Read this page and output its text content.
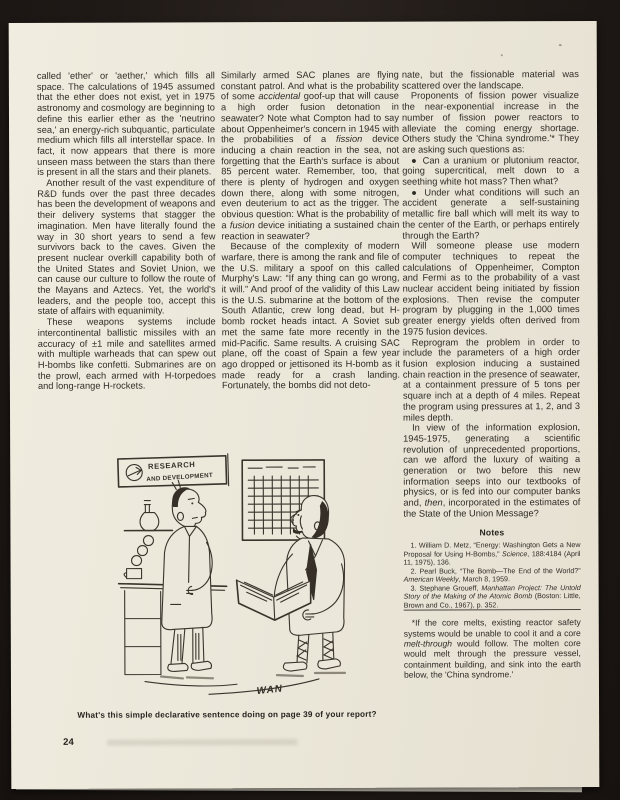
called 'ether' or 'aether,' which fills all space. The calculations of 1945 assumed that the ether does not exist, yet in 1975 astronomy and cosmology are beginning to define this earlier ether as the 'neutrino sea,' an energy-rich subquantic, particulate medium which fills all interstellar space. In fact, it now appears that there is more unseen mass between the stars than there is present in all the stars and their planets.

Another result of the vast expenditure of R&D funds over the past three decades has been the development of weapons and their delivery systems that stagger the imagination. Men have literally found the way in 30 short years to send a few survivors back to the caves. Given the present nuclear overkill capability both of the United States and Soviet Union, we can cause our culture to follow the route of the Mayans and Aztecs. Yet, the world's leaders, and the people too, accept this state of affairs with equanimity.

These weapons systems include intercontinental ballistic missiles with an accuracy of ±1 mile and satellites armed with multiple warheads that can spew out H-bombs like confetti. Submarines are on the prowl, each armed with H-torpedoes and long-range H-rockets.

Similarly armed SAC planes are flying constant patrol. And what is the probability of some accidental goof-up that will cause a high order fusion detonation in seawater? Note what Compton had to say about Oppenheimer's concern in 1945 with the probabilities of a fission device inducing a chain reaction in the sea, not forgetting that the Earth's surface is about 85 percent water. Remember, too, that there is plenty of hydrogen and oxygen down there, along with some nitrogen, even deuterium to act as the trigger. The obvious question: What is the probability of a fusion device initiating a sustained chain reaction in seawater?

Because of the complexity of modern warfare, there is among the rank and file of the U.S. military a spoof on this called Murphy's Law: “If any thing can go wrong, it will.” And proof of the validity of this Law is the U.S. submarine at the bottom of the South Atlantic, crew long dead, but H-bomb rocket heads intact. A Soviet sub met the same fate more recently in the mid-Pacific. Same results. A cruising SAC plane, off the coast of Spain a few year ago dropped or jettisoned its H-bomb as it made ready for a crash landing. Fortunately, the bombs did not deto-

nate, but the fissionable material was scattered over the landscape.

Proponents of fission power visualize the near-exponential increase in the number of fission power reactors to alleviate the coming energy shortage. Others study the 'China syndrome.'* They are asking such questions as:

● Can a uranium or plutonium reactor, going supercritical, melt down to a seething white hot mass? Then what?

● Under what conditions will such an accident generate a self-sustaining metallic fire ball which will melt its way to the center of the Earth, or perhaps entirely through the Earth?

Will someone please use modern computer techniques to repeat the calculations of Oppenheimer, Compton and Fermi as to the probability of a vast nuclear accident being initiated by fission explosions. Then revise the computer program by plugging in the 1,000 times greater energy yields often derived from 1975 fusion devices.

Reprogram the problem in order to include the parameters of a high order fusion explosion inducing a sustained chain reaction in the presence of seawater, at a containment pressure of 5 tons per square inch at a depth of 4 miles. Repeat the program using pressures at 1, 2, and 3 miles depth.

In view of the information explosion, 1945-1975, generating a scientific revolution of unprecedented proportions, can we afford the luxury of waiting a generation or two before this new information seeps into our textbooks of physics, or is fed into our computer banks and, then, incorporated in the estimates of the State of the Union Message?

Notes

1. William D. Metz, “Energy: Washington Gets a New Proposal for Using H-Bombs,” Science, 188:4184 (April 11, 1975), 136.

2. Pearl Buck, “The Bomb—The End of the World?” American Weekly, March 8, 1959.

3. Stephane Groueff, Manhattan Project: The Untold Story of the Making of the Atomic Bomb (Boston: Little, Brown and Co., 1967), p. 352.

*If the core melts, existing reactor safety systems would be unable to cool it and a core melt-through would follow. The molten core would melt through the pressure vessel, containment building, and sink into the earth below, the 'China syndrome.'

RESEARCH
AND DEVELOPMENT
WAN
What's this simple declarative sentence doing on page 39 of your report?
24
